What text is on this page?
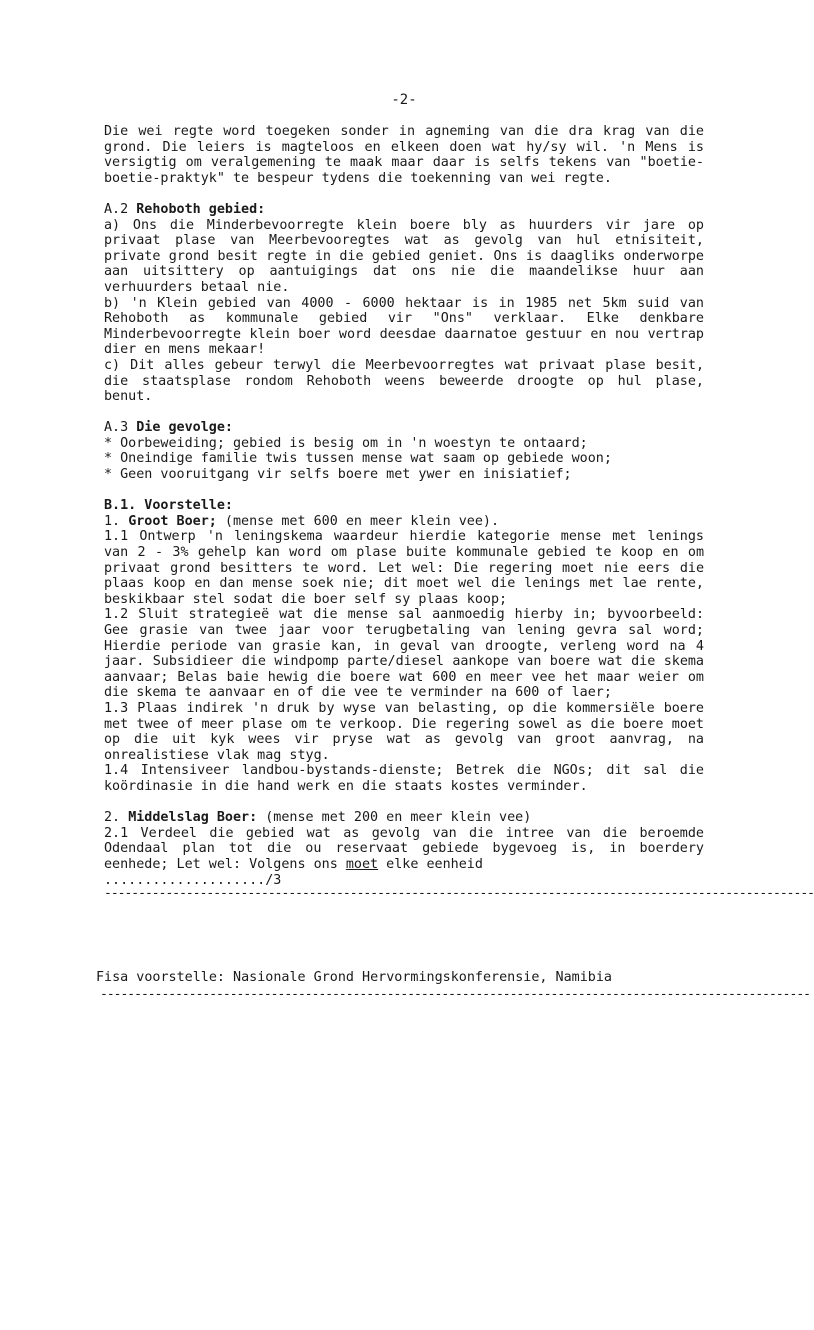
-2-

Die wei regte word toegeken sonder in agneming van die dra krag van die grond. Die leiers is magteloos en elkeen doen wat hy/sy wil. 'n Mens is versigtig om veralgemening te maak maar daar is selfs tekens van "boetie-boetie-praktyk" te bespeur tydens die toekenning van wei regte.

A.2 Rehoboth gebied:

a) Ons die Minderbevoorregte klein boere bly as huurders vir jare op privaat plase van Meerbevooregtes wat as gevolg van hul etnisiteit, private grond besit regte in die gebied geniet. Ons is daagliks onderworpe aan uitsittery op aantuigings dat ons nie die maandelikse huur aan verhuurders betaal nie.

b) 'n Klein gebied van 4000 - 6000 hektaar is in 1985 net 5km suid van Rehoboth as kommunale gebied vir "Ons" verklaar. Elke denkbare Minderbevoorregte klein boer word deesdae daarnatoe gestuur en nou vertrap dier en mens mekaar!

c) Dit alles gebeur terwyl die Meerbevoorregtes wat privaat plase besit, die staatsplase rondom Rehoboth weens beweerde droogte op hul plase, benut.

A.3 Die gevolge:

* Oorbeweiding; gebied is besig om in 'n woestyn te ontaard;

* Oneindige familie twis tussen mense wat saam op gebiede woon;

* Geen vooruitgang vir selfs boere met ywer en inisiatief;

B.1. Voorstelle:

1. Groot Boer; (mense met 600 en meer klein vee).

1.1 Ontwerp 'n leningskema waardeur hierdie kategorie mense met lenings van 2 - 3% gehelp kan word om plase buite kommunale gebied te koop en om privaat grond besitters te word. Let wel: Die regering moet nie eers die plaas koop en dan mense soek nie; dit moet wel die lenings met lae rente, beskikbaar stel sodat die boer self sy plaas koop;

1.2 Sluit strategieë wat die mense sal aanmoedig hierby in; byvoorbeeld: Gee grasie van twee jaar voor terugbetaling van lening gevra sal word; Hierdie periode van grasie kan, in geval van droogte, verleng word na 4 jaar. Subsidieer die windpomp parte/diesel aankope van boere wat die skema aanvaar; Belas baie hewig die boere wat 600 en meer vee het maar weier om die skema te aanvaar en of die vee te verminder na 600 of laer;

1.3 Plaas indirek 'n druk by wyse van belasting, op die kommersiële boere met twee of meer plase om te verkoop. Die regering sowel as die boere moet op die uit kyk wees vir pryse wat as gevolg van groot aanvrag, na onrealistiese vlak mag styg.

1.4 Intensiveer landbou-bystands-dienste; Betrek die NGOs; dit sal die koördinasie in die hand werk en die staats kostes verminder.

2. Middelslag Boer: (mense met 200 en meer klein vee)

2.1 Verdeel die gebied wat as gevolg van die intree van die beroemde Odendaal plan tot die ou reservaat gebiede bygevoeg is, in boerdery eenhede; Let wel: Volgens ons moet elke eenheid

..................../3

--------------------------------------------------------------------------------------------------------
Fisa voorstelle: Nasionale Grond Hervormingskonferensie, Namibia
--------------------------------------------------------------------------------------------------------
